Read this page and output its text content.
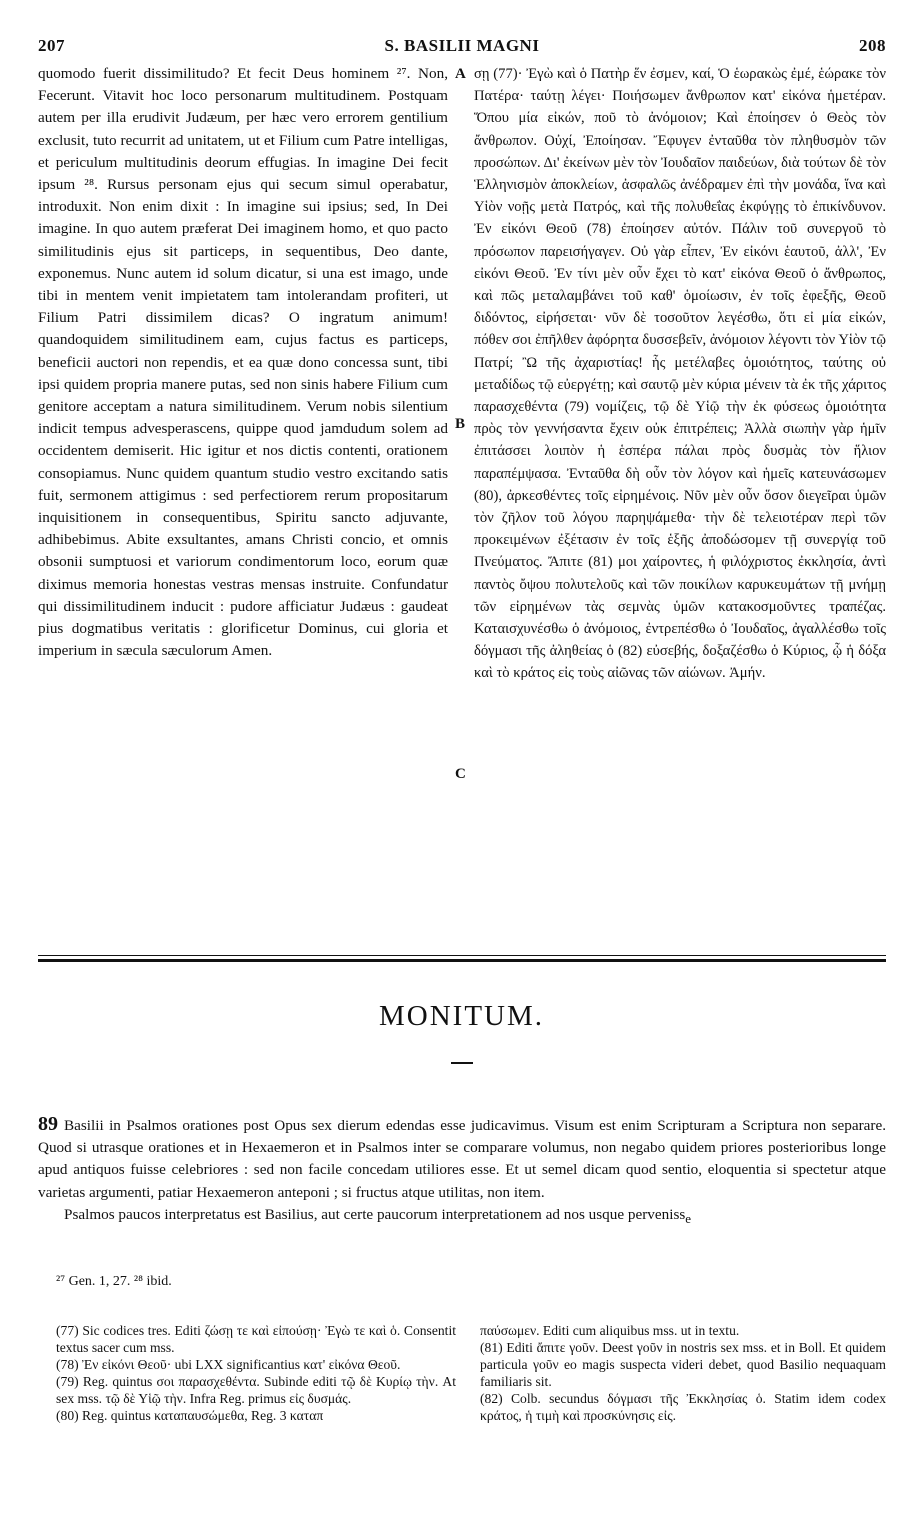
207	S. BASILII MAGNI	208

quomodo fuerit dissimilitudo? Et fecit Deus hominem ²⁷. Non, Fecerunt. Vitavit hoc loco personarum multitudinem. Postquam autem per illa erudivit Judæum, per hæc vero errorem gentilium exclusit, tuto recurrit ad unitatem, ut et Filium cum Patre intelligas, et periculum multitudinis deorum effugias. In imagine Dei fecit ipsum ²⁸. Rursus personam ejus qui secum simul operabatur, introduxit. Non enim dixit : In imagine sui ipsius; sed, In Dei imagine. In quo autem præferat Dei imaginem homo, et quo pacto similitudinis ejus sit particeps, in sequentibus, Deo dante, exponemus. Nunc autem id solum dicatur, si una est imago, unde tibi in mentem venit impietatem tam intolerandam profiteri, ut Filium Patri dissimilem dicas? O ingratum animum! quandoquidem similitudinem eam, cujus factus es particeps, beneficii auctori non rependis, et ea quæ dono concessa sunt, tibi ipsi quidem propria manere putas, sed non sinis habere Filium cum genitore acceptam a natura similitudinem. Verum nobis silentium indicit tempus advesperascens, quippe quod jamdudum solem ad occidentem demiserit. Hic igitur et nos dictis contenti, orationem consopiamus. Nunc quidem quantum studio vestro excitando satis fuit, sermonem attigimus : sed perfectiorem rerum propositarum inquisitionem in consequentibus, Spiritu sancto adjuvante, adhibebimus. Abite exsultantes, amans Christi concio, et omnis obsonii sumptuosi et variorum condimentorum loco, eorum quæ diximus memoria honestas vestras mensas instruite. Confundatur qui dissimilitudinem inducit : pudore afficiatur Judæus : gaudeat pius dogmatibus veritatis : glorificetur Dominus, cui gloria et imperium in sæcula sæculorum Amen.

A
B
C

σῃ (77)· Ἐγὼ καὶ ὁ Πατὴρ ἕν ἐσμεν, καί, Ὁ ἑωρακὼς ἐμέ, ἑώρακε τὸν Πατέρα· ταύτῃ λέγει· Ποιήσωμεν ἄνθρωπον κατ' εἰκόνα ἡμετέραν. Ὅπου μία εἰκών, ποῦ τὸ ἀνόμοιον; Καὶ ἐποίησεν ὁ Θεὸς τὸν ἄνθρωπον. Οὐχί, Ἐποίησαν. Ἔφυγεν ἐνταῦθα τὸν πληθυσμὸν τῶν προσώπων. Δι' ἐκείνων μὲν τὸν Ἰουδαῖον παιδεύων, διὰ τούτων δὲ τὸν Ἑλληνισμὸν ἀποκλείων, ἀσφαλῶς ἀνέδραμεν ἐπὶ τὴν μονάδα, ἵνα καὶ Υἱὸν νοῇς μετὰ Πατρός, καὶ τῆς πολυθεΐας ἐκφύγῃς τὸ ἐπικίνδυνον. Ἐν εἰκόνι Θεοῦ (78) ἐποίησεν αὐτόν. Πάλιν τοῦ συνεργοῦ τὸ πρόσωπον παρεισήγαγεν. Οὐ γὰρ εἶπεν, Ἐν εἰκόνι ἑαυτοῦ, ἀλλ', Ἐν εἰκόνι Θεοῦ. Ἐν τίνι μὲν οὖν ἔχει τὸ κατ' εἰκόνα Θεοῦ ὁ ἄνθρωπος, καὶ πῶς μεταλαμβάνει τοῦ καθ' ὁμοίωσιν, ἐν τοῖς ἐφεξῆς, Θεοῦ διδόντος, εἰρήσεται· νῦν δὲ τοσοῦτον λεγέσθω, ὅτι εἰ μία εἰκών, πόθεν σοι ἐπῆλθεν ἀφόρητα δυσσεβεῖν, ἀνόμοιον λέγοντι τὸν Υἱὸν τῷ Πατρί; Ὢ τῆς ἀχαριστίας! ἧς μετέλαβες ὁμοιότητος, ταύτης οὐ μεταδίδως τῷ εὐεργέτῃ; καὶ σαυτῷ μὲν κύρια μένειν τὰ ἐκ τῆς χάριτος παρασχεθέντα (79) νομίζεις, τῷ δὲ Υἱῷ τὴν ἐκ φύσεως ὁμοιότητα πρὸς τὸν γεννήσαντα ἔχειν οὐκ ἐπιτρέπεις; Ἀλλὰ σιωπὴν γὰρ ἡμῖν ἐπιτάσσει λοιπὸν ἡ ἑσπέρα πάλαι πρὸς δυσμὰς τὸν ἥλιον παραπέμψασα. Ἐνταῦθα δὴ οὖν τὸν λόγον καὶ ἡμεῖς κατευνάσωμεν (80), ἀρκεσθέντες τοῖς εἰρημένοις. Νῦν μὲν οὖν ὅσον διεγεῖραι ὑμῶν τὸν ζῆλον τοῦ λόγου παρηψάμεθα· τὴν δὲ τελειοτέραν περὶ τῶν προκειμένων ἐξέτασιν ἐν τοῖς ἑξῆς ἀποδώσομεν τῇ συνεργίᾳ τοῦ Πνεύματος. Ἄπιτε (81) μοι χαίροντες, ἡ φιλόχριστος ἐκκλησία, ἀντὶ παντὸς ὄψου πολυτελοῦς καὶ τῶν ποικίλων καρυκευμάτων τῇ μνήμῃ τῶν εἰρημένων τὰς σεμνὰς ὑμῶν κατακοσμοῦντες τραπέζας. Καταισχυνέσθω ὁ ἀνόμοιος, ἐντρεπέσθω ὁ Ἰουδαῖος, ἀγαλλέσθω τοῖς δόγμασι τῆς ἀληθείας ὁ (82) εὐσεβής, δοξαζέσθω ὁ Κύριος, ᾧ ἡ δόξα καὶ τὸ κράτος εἰς τοὺς αἰῶνας τῶν αἰώνων. Ἀμήν.

MONITUM.

89 Basilii in Psalmos orationes post Opus sex dierum edendas esse judicavimus. Visum est enim Scripturam a Scriptura non separare. Quod si utrasque orationes et in Hexaemeron et in Psalmos inter se comparare volumus, non negabo quidem priores posterioribus longe apud antiquos fuisse celebriores : sed non facile concedam utiliores esse. Et ut semel dicam quod sentio, eloquentia si spectetur atque varietas argumenti, patiar Hexaemeron anteponi ; si fructus atque utilitas, non item.

Psalmos paucos interpretatus est Basilius, aut certe paucorum interpretationem ad nos usque pervenisse

²⁷ Gen. 1, 27. ²⁸ ibid.

(77) Sic codices tres. Editi ζώσῃ τε καὶ εἰπούσῃ· Ἐγὼ τε καὶ ὁ. Consentit textus sacer cum mss.

(78) Ἐν εἰκόνι Θεοῦ· ubi LXX significantius κατ' εἰκόνα Θεοῦ.

(79) Reg. quintus σοι παρασχεθέντα. Subinde editi τῷ δὲ Κυρίῳ τὴν. At sex mss. τῷ δὲ Υἱῷ τὴν. Infra Reg. primus εἰς δυσμάς.

(80) Reg. quintus καταπαυσώμεθα, Reg. 3 καταπ

παύσωμεν. Editi cum aliquibus mss. ut in textu.

(81) Editi ἄπιτε γοῦν. Deest γοῦν in nostris sex mss. et in Boll. Et quidem particula γοῦν eo magis suspecta videri debet, quod Basilio nequaquam familiaris sit.

(82) Colb. secundus δόγμασι τῆς Ἐκκλησίας ὁ. Statim idem codex κράτος, ἡ τιμὴ καὶ προσκύνησις εἰς.
